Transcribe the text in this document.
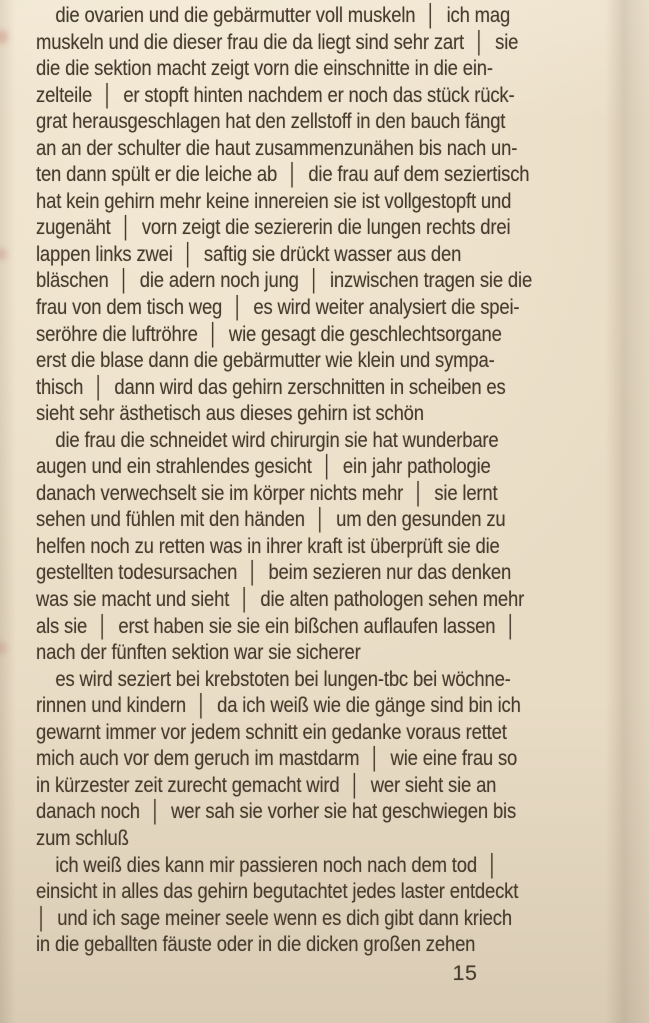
die ovarien und die gebärmutter voll muskeln  │  ich mag
muskeln und die dieser frau die da liegt sind sehr zart  │  sie
die die sektion macht zeigt vorn die einschnitte in die ein-
zelteile  │  er stopft hinten nachdem er noch das stück rück-
grat herausgeschlagen hat den zellstoff in den bauch fängt
an an der schulter die haut zusammenzunähen bis nach un-
ten dann spült er die leiche ab  │  die frau auf dem seziertisch
hat kein gehirn mehr keine innereien sie ist vollgestopft und
zugenäht  │  vorn zeigt die seziererin die lungen rechts drei
lappen links zwei  │  saftig sie drückt wasser aus den
bläschen  │  die adern noch jung  │  inzwischen tragen sie die
frau von dem tisch weg  │  es wird weiter analysiert die spei-
seröhre die luftröhre  │  wie gesagt die geschlechtsorgane
erst die blase dann die gebärmutter wie klein und sympa-
thisch  │  dann wird das gehirn zerschnitten in scheiben es
sieht sehr ästhetisch aus dieses gehirn ist schön
die frau die schneidet wird chirurgin sie hat wunderbare
augen und ein strahlendes gesicht  │  ein jahr pathologie
danach verwechselt sie im körper nichts mehr  │  sie lernt
sehen und fühlen mit den händen  │  um den gesunden zu
helfen noch zu retten was in ihrer kraft ist überprüft sie die
gestellten todesursachen  │  beim sezieren nur das denken
was sie macht und sieht  │  die alten pathologen sehen mehr
als sie  │  erst haben sie sie ein bißchen auflaufen lassen  │
nach der fünften sektion war sie sicherer
es wird seziert bei krebstoten bei lungen-tbc bei wöchne-
rinnen und kindern  │  da ich weiß wie die gänge sind bin ich
gewarnt immer vor jedem schnitt ein gedanke voraus rettet
mich auch vor dem geruch im mastdarm  │  wie eine frau so
in kürzester zeit zurecht gemacht wird  │  wer sieht sie an
danach noch  │  wer sah sie vorher sie hat geschwiegen bis
zum schluß
ich weiß dies kann mir passieren noch nach dem tod  │
einsicht in alles das gehirn begutachtet jedes laster entdeckt
│  und ich sage meiner seele wenn es dich gibt dann kriech
in die geballten fäuste oder in die dicken großen zehen
15
